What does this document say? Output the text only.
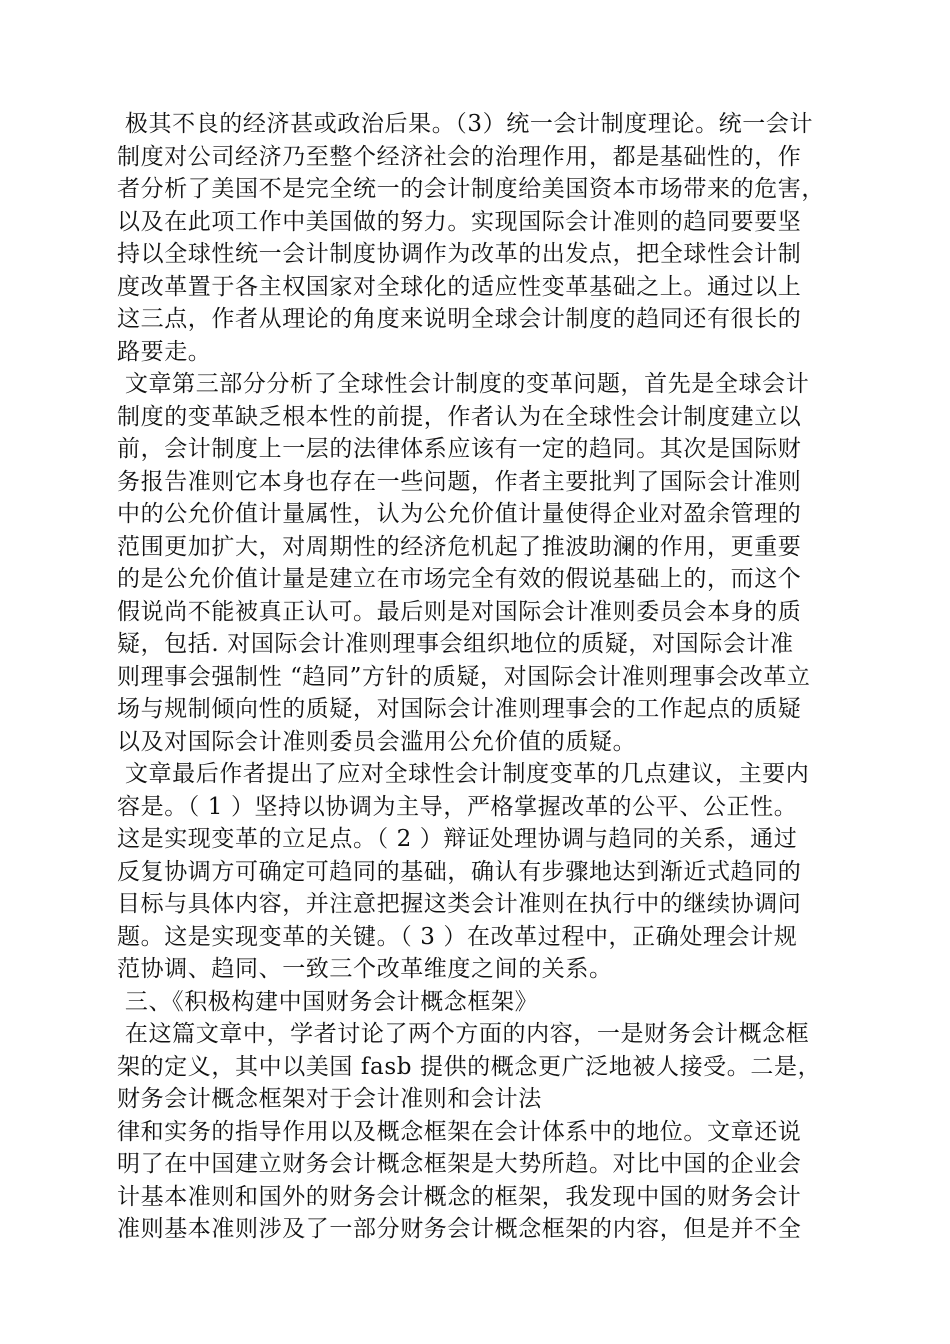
极其不良的经济甚或政治后果。（3）统一会计制度理论。统一会计
制度对公司经济乃至整个经济社会的治理作用，都是基础性的，作
者分析了美国不是完全统一的会计制度给美国资本市场带来的危害，
以及在此项工作中美国做的努力。实现国际会计准则的趋同要要坚
持以全球性统一会计制度协调作为改革的出发点，把全球性会计制
度改革置于各主权国家对全球化的适应性变革基础之上。通过以上
这三点，作者从理论的角度来说明全球会计制度的趋同还有很长的
路要走。
文章第三部分分析了全球性会计制度的变革问题，首先是全球会计
制度的变革缺乏根本性的前提，作者认为在全球性会计制度建立以
前，会计制度上一层的法律体系应该有一定的趋同。其次是国际财
务报告准则它本身也存在一些问题，作者主要批判了国际会计准则
中的公允价值计量属性，认为公允价值计量使得企业对盈余管理的
范围更加扩大，对周期性的经济危机起了推波助澜的作用，更重要
的是公允价值计量是建立在市场完全有效的假说基础上的，而这个
假说尚不能被真正认可。最后则是对国际会计准则委员会本身的质
疑，包括. 对国际会计准则理事会组织地位的质疑，对国际会计准
则理事会强制性 “趋同”方针的质疑，对国际会计准则理事会改革立
场与规制倾向性的质疑，对国际会计准则理事会的工作起点的质疑
以及对国际会计准则委员会滥用公允价值的质疑。
文章最后作者提出了应对全球性会计制度变革的几点建议，主要内
容是。（ 1 ）坚持以协调为主导，严格掌握改革的公平、公正性。
这是实现变革的立足点。（ 2 ）辩证处理协调与趋同的关系，通过
反复协调方可确定可趋同的基础，确认有步骤地达到渐近式趋同的
目标与具体内容，并注意把握这类会计准则在执行中的继续协调问
题。这是实现变革的关键。（ 3 ）在改革过程中，正确处理会计规
范协调、趋同、一致三个改革维度之间的关系。
三、《积极构建中国财务会计概念框架》
在这篇文章中，学者讨论了两个方面的内容，一是财务会计概念框
架的定义，其中以美国 fasb 提供的概念更广泛地被人接受。二是，
财务会计概念框架对于会计准则和会计法
律和实务的指导作用以及概念框架在会计体系中的地位。文章还说
明了在中国建立财务会计概念框架是大势所趋。对比中国的企业会
计基本准则和国外的财务会计概念的框架，我发现中国的财务会计
准则基本准则涉及了一部分财务会计概念框架的内容，但是并不全
